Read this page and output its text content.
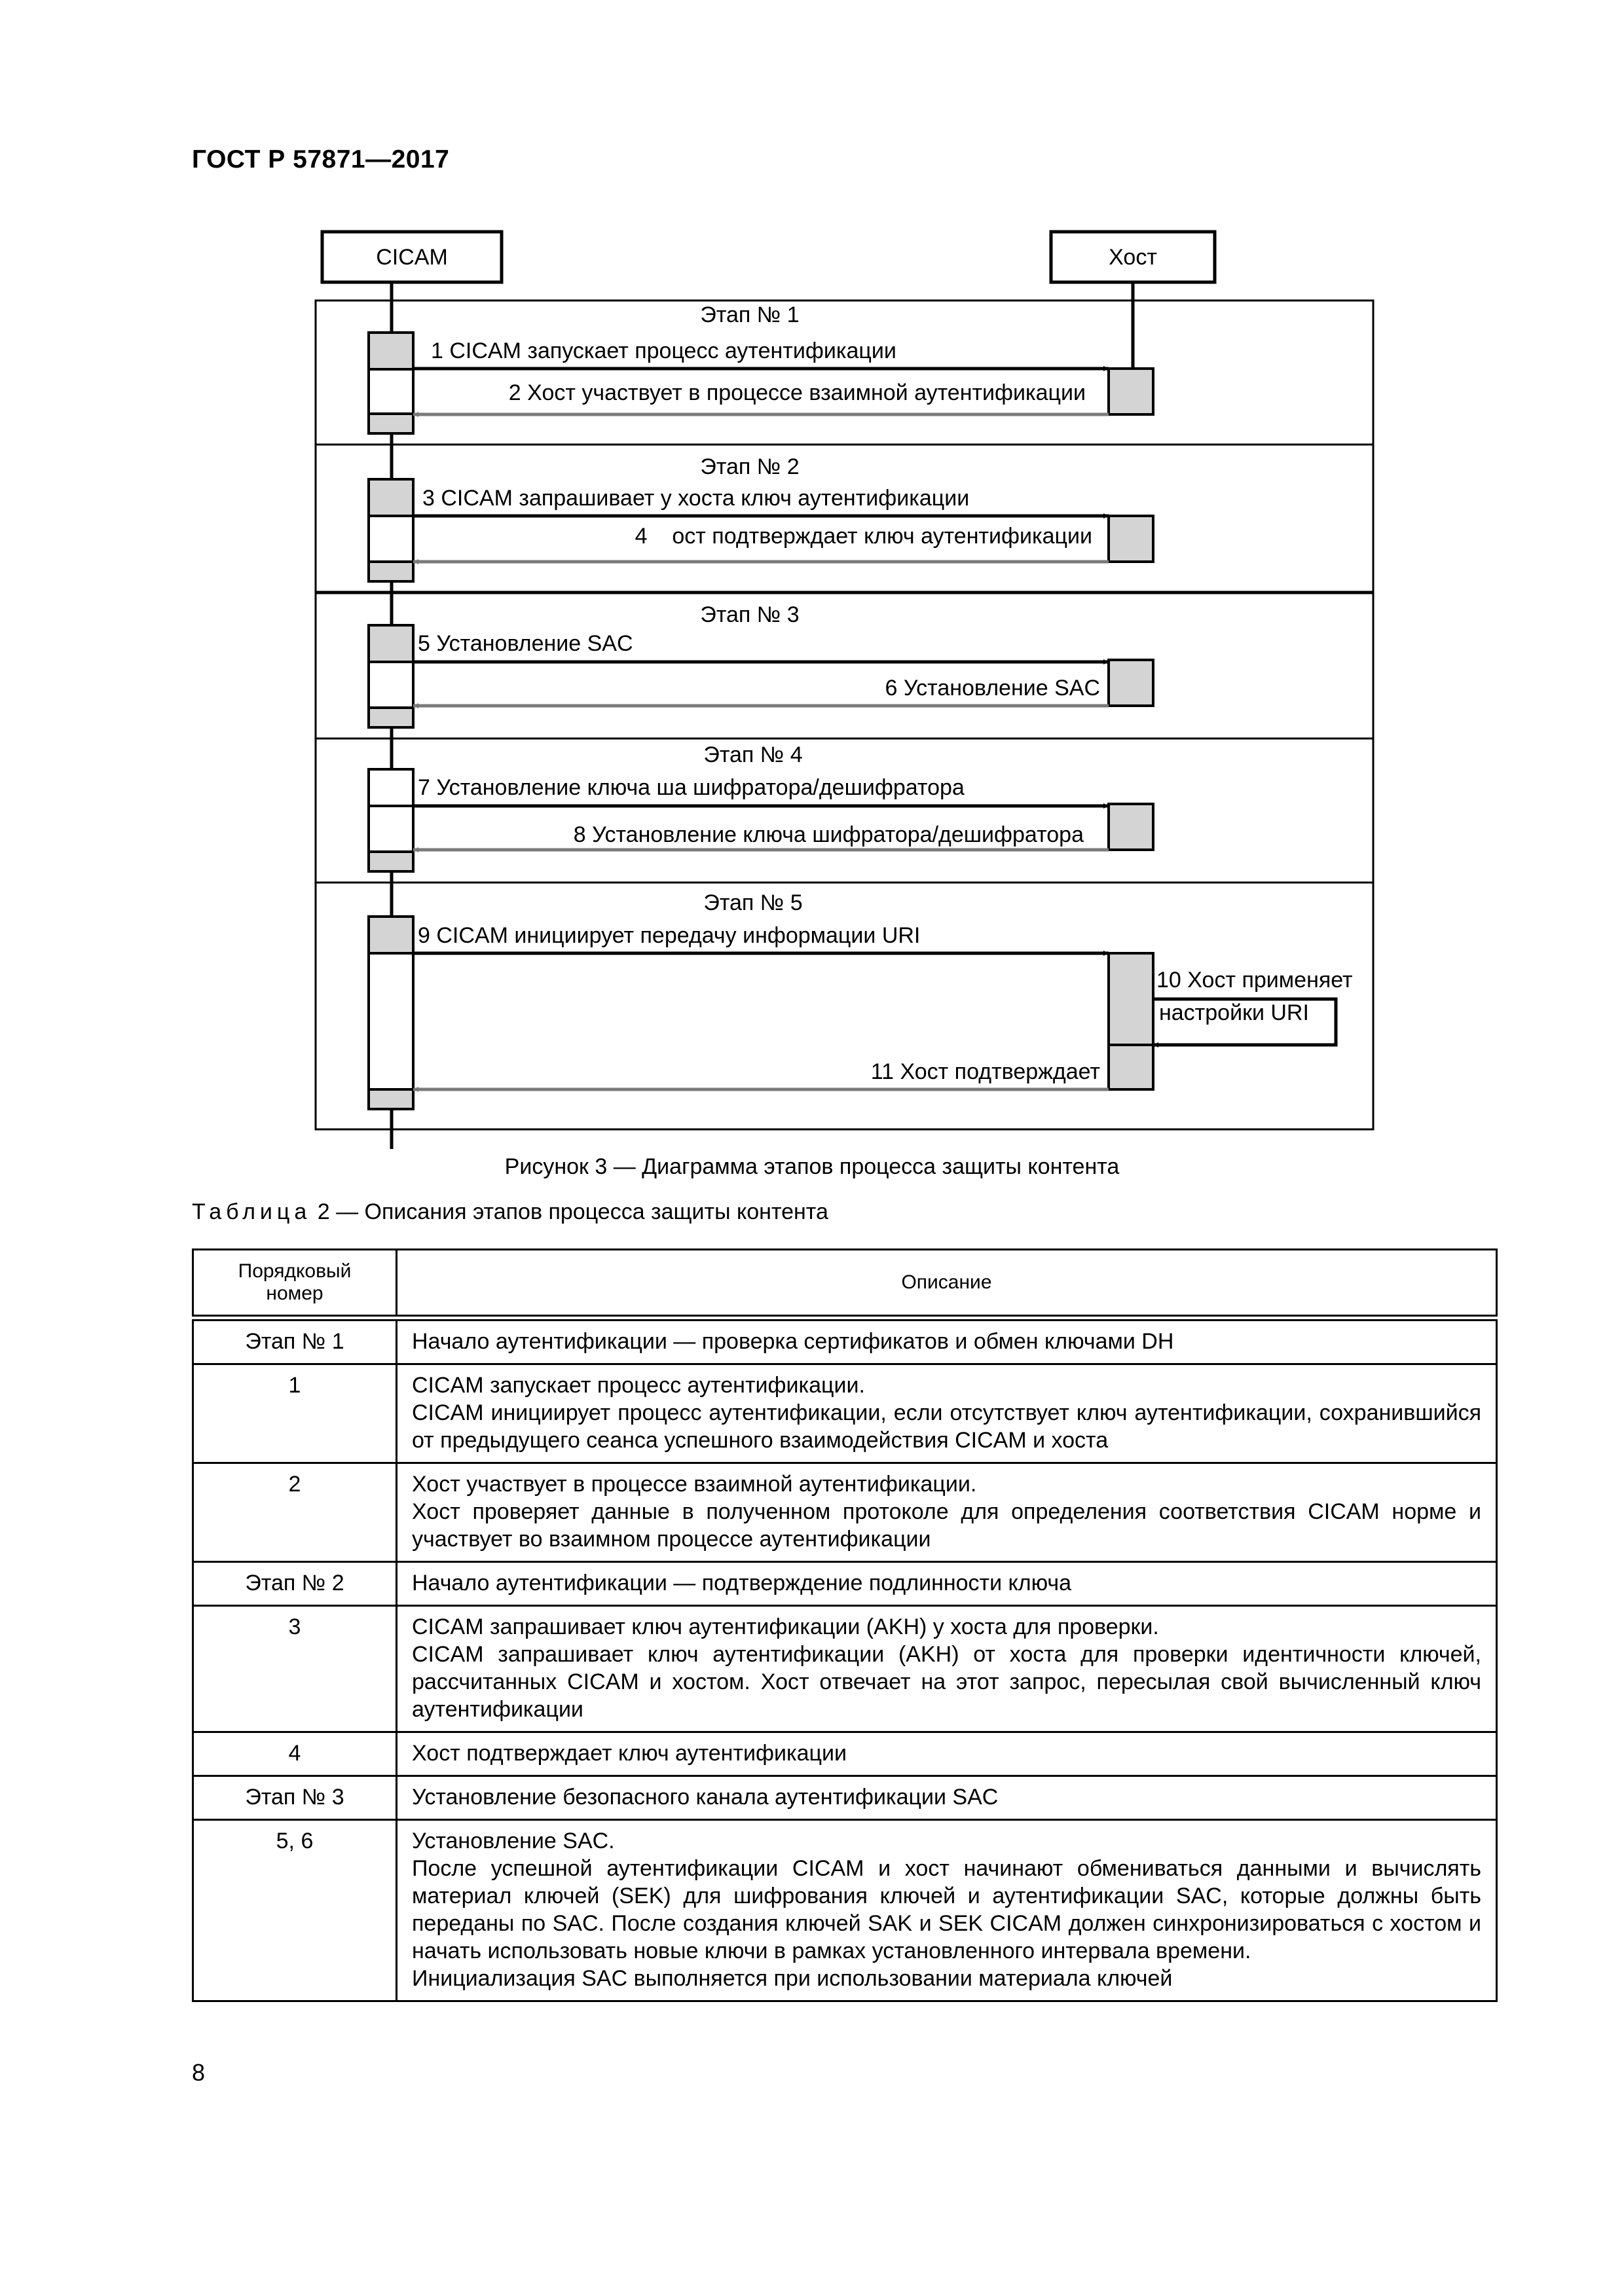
ГОСТ Р 57871—2017
CICAM	Хост
Этап № 1
Этап № 2
Этап № 3
Этап № 4
Этап № 5
1 CICAM запускает процесс аутентификации
2 Хост участвует в процессе взаимной аутентификации
3 CICAM запрашивает у хоста ключ аутентификации
4    ост подтверждает ключ аутентификации
5 Установление SAC
6 Установление SAC
7 Установление ключа ша шифратора/дешифратора
8 Установление ключа шифратора/дешифратора
9 CICAM инициирует передачу информации URI
10 Хост применяет
настройки URI
11 Хост подтверждает
Рисунок 3 — Диаграмма этапов процесса защиты контента
Таблица 2 — Описания этапов процесса защиты контента
Порядковый
номер	Описание
Этап № 1	Начало аутентификации — проверка сертификатов и обмен ключами DH

1	CICAM запускает процесс аутентификации.
CICAM инициирует процесс аутентификации, если отсутствует ключ аутентификации, сохранившийся от предыдущего сеанса успешного взаимодействия CICAM и хоста

2	Хост участвует в процессе взаимной аутентификации.
Хост проверяет данные в полученном протоколе для определения соответствия CICAM норме и участвует во взаимном процессе аутентификации

Этап № 2	Начало аутентификации — подтверждение подлинности ключа

3	CICAM запрашивает ключ аутентификации (AKH) у хоста для проверки.
CICAM запрашивает ключ аутентификации (AKH) от хоста для проверки идентичности ключей, рассчитанных CICAM и хостом. Хост отвечает на этот запрос, пересылая свой вычисленный ключ аутентификации

4	Хост подтверждает ключ аутентификации

Этап № 3	Установление безопасного канала аутентификации SAC

5, 6	Установление SAC.
После успешной аутентификации CICAM и хост начинают обмениваться данными и вычислять материал ключей (SEK) для шифрования ключей и аутентификации SAC, которые должны быть переданы по SAC. После создания ключей SAK и SEK CICAM должен синхронизироваться с хостом и начать использовать новые ключи в рамках установленного интервала времени.
Инициализация SAC выполняется при использовании материала ключей
8
